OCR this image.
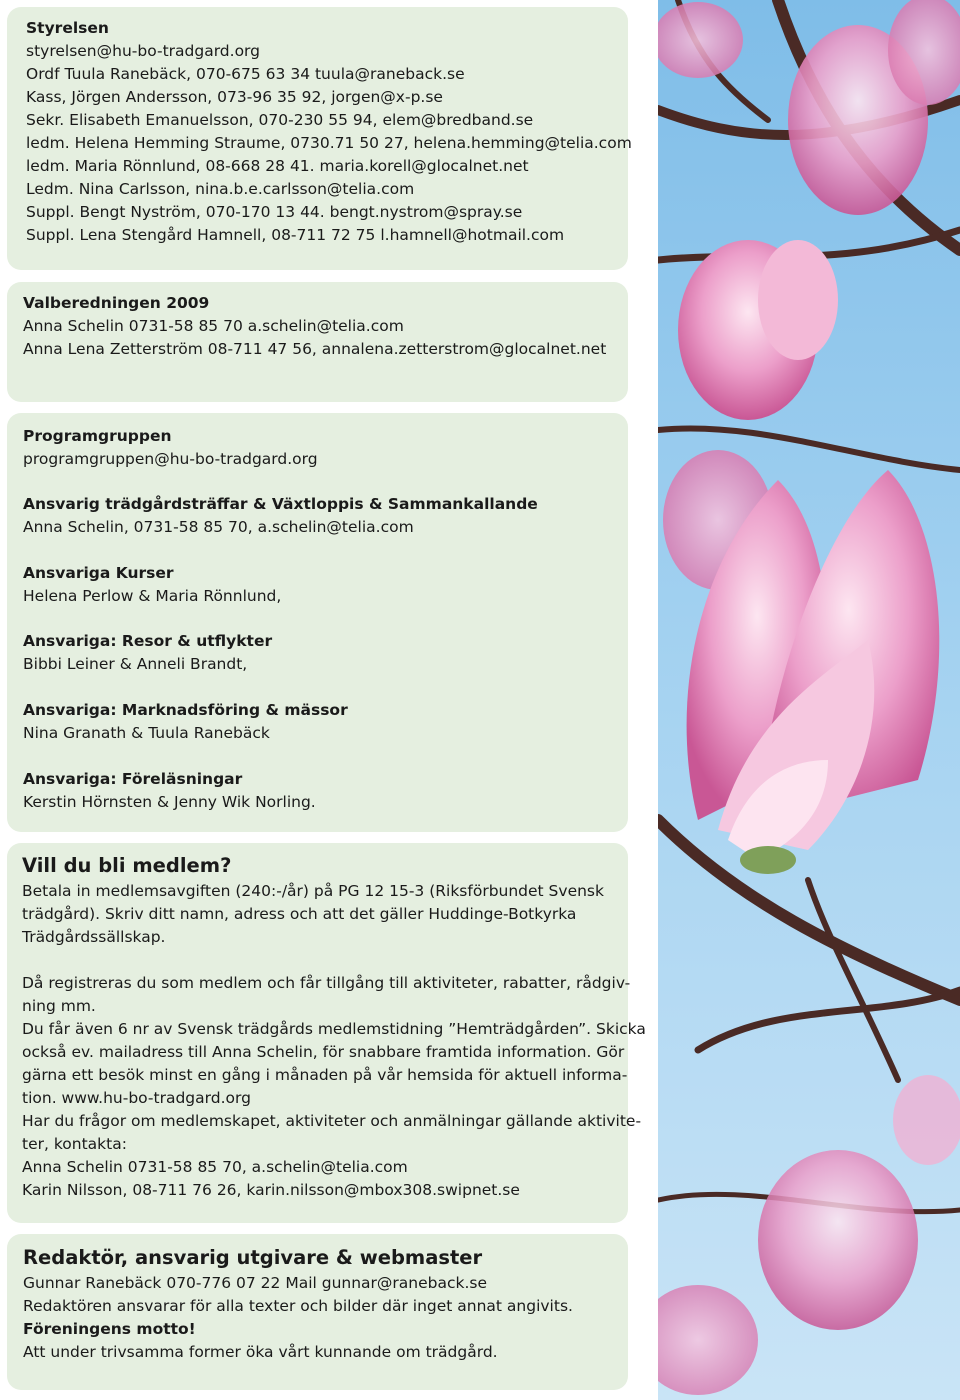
Styrelsen
styrelsen@hu-bo-tradgard.org
Ordf Tuula Ranebäck, 070-675 63 34 tuula@raneback.se
Kass, Jörgen Andersson, 073-96 35 92, jorgen@x-p.se
Sekr. Elisabeth Emanuelsson, 070-230 55 94, elem@bredband.se
ledm. Helena Hemming Straume, 0730.71 50 27, helena.hemming@telia.com
ledm. Maria Rönnlund, 08-668 28 41. maria.korell@glocalnet.net
Ledm. Nina Carlsson, nina.b.e.carlsson@telia.com
Suppl. Bengt Nyström, 070-170 13 44. bengt.nystrom@spray.se
Suppl. Lena Stengård Hamnell, 08-711 72 75 l.hamnell@hotmail.com
Valberedningen 2009
Anna Schelin 0731-58 85 70 a.schelin@telia.com
Anna Lena Zetterström 08-711 47 56, annalena.zetterstrom@glocalnet.net
Programgruppen
programgruppen@hu-bo-tradgard.org
Ansvarig trädgårdsträffar & Växtloppis & Sammankallande
Anna Schelin, 0731-58 85 70, a.schelin@telia.com
Ansvariga Kurser
Helena Perlow & Maria Rönnlund,
Ansvariga: Resor & utflykter
Bibbi Leiner & Anneli Brandt,
Ansvariga: Marknadsföring & mässor
Nina Granath & Tuula Ranebäck
Ansvariga: Föreläsningar
Kerstin Hörnsten & Jenny Wik Norling.
Vill du bli medlem?
Betala in medlemsavgiften (240:-/år) på PG 12 15-3 (Riksförbundet Svensk
trädgård). Skriv ditt namn, adress och att det gäller Huddinge-Botkyrka
Trädgårdssällskap.
Då registreras du som medlem och får tillgång till aktiviteter, rabatter, rådgiv-
ning mm.
Du får även 6 nr av Svensk trädgårds medlemstidning ”Hemträdgården”. Skicka
också ev. mailadress till Anna Schelin, för snabbare framtida information. Gör
gärna ett besök minst en gång i månaden på vår hemsida för aktuell informa-
tion. www.hu-bo-tradgard.org
Har du frågor om medlemskapet, aktiviteter och anmälningar gällande aktivite-
ter, kontakta:
Anna Schelin 0731-58 85 70, a.schelin@telia.com
Karin Nilsson, 08-711 76 26, karin.nilsson@mbox308.swipnet.se
Redaktör, ansvarig utgivare & webmaster
Gunnar Ranebäck 070-776 07 22 Mail gunnar@raneback.se
Redaktören ansvarar för alla texter och bilder där inget annat angivits.
Föreningens motto!
Att under trivsamma former öka vårt kunnande om trädgård.
